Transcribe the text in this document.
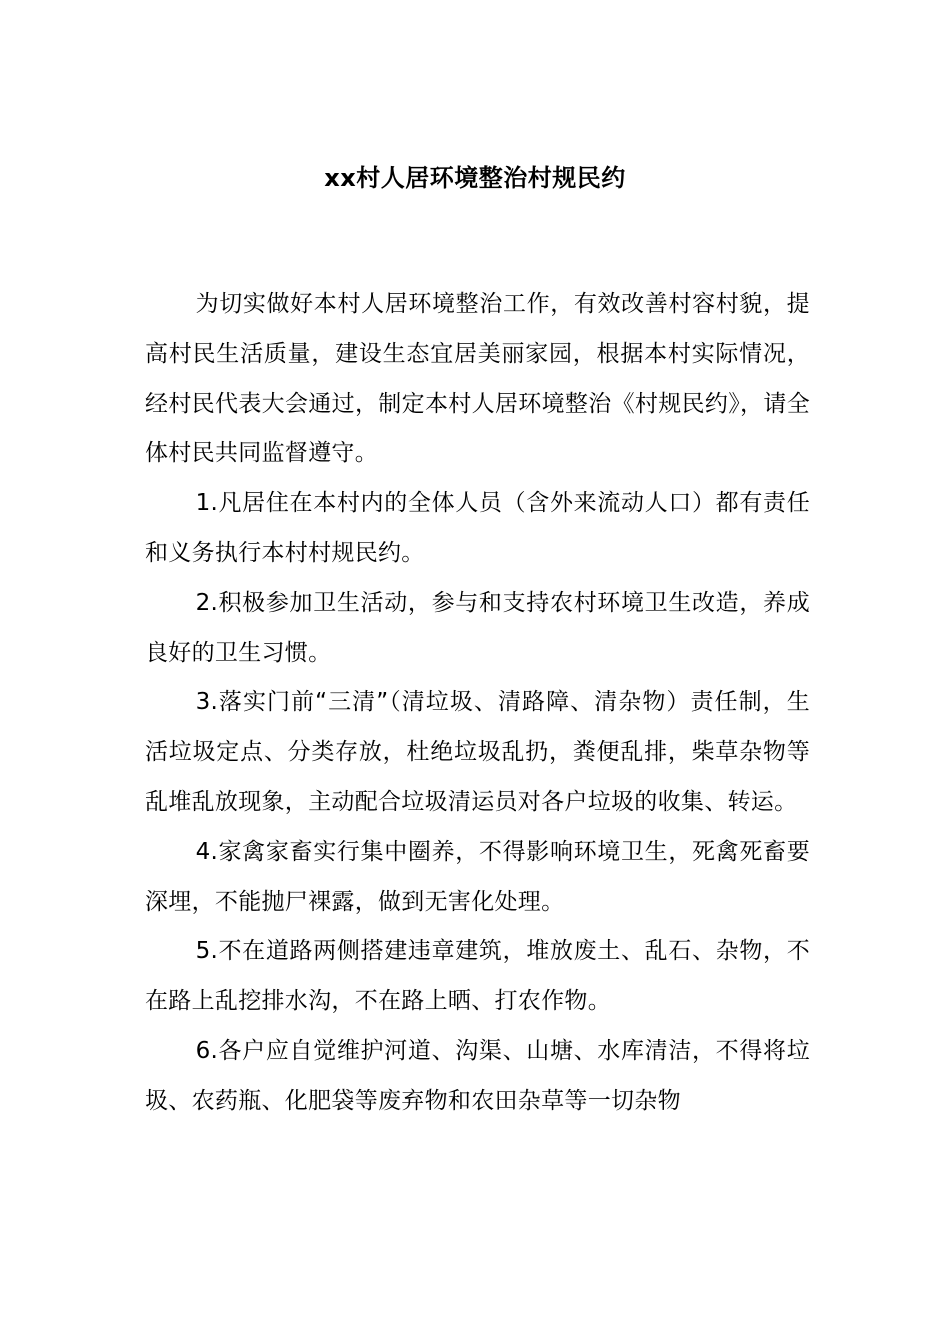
xx村人居环境整治村规民约

为切实做好本村人居环境整治工作，有效改善村容村貌，提高村民生活质量，建设生态宜居美丽家园，根据本村实际情况，经村民代表大会通过，制定本村人居环境整治《村规民约》，请全体村民共同监督遵守。

1.凡居住在本村内的全体人员（含外来流动人口）都有责任和义务执行本村村规民约。

2.积极参加卫生活动，参与和支持农村环境卫生改造，养成良好的卫生习惯。

3.落实门前“三清”（清垃圾、清路障、清杂物）责任制，生活垃圾定点、分类存放，杜绝垃圾乱扔，粪便乱排，柴草杂物等乱堆乱放现象，主动配合垃圾清运员对各户垃圾的收集、转运。

4.家禽家畜实行集中圈养，不得影响环境卫生，死禽死畜要深埋，不能抛尸裸露，做到无害化处理。

5.不在道路两侧搭建违章建筑，堆放废土、乱石、杂物，不在路上乱挖排水沟，不在路上晒、打农作物。

6.各户应自觉维护河道、沟渠、山塘、水库清洁，不得将垃圾、农药瓶、化肥袋等废弃物和农田杂草等一切杂物
